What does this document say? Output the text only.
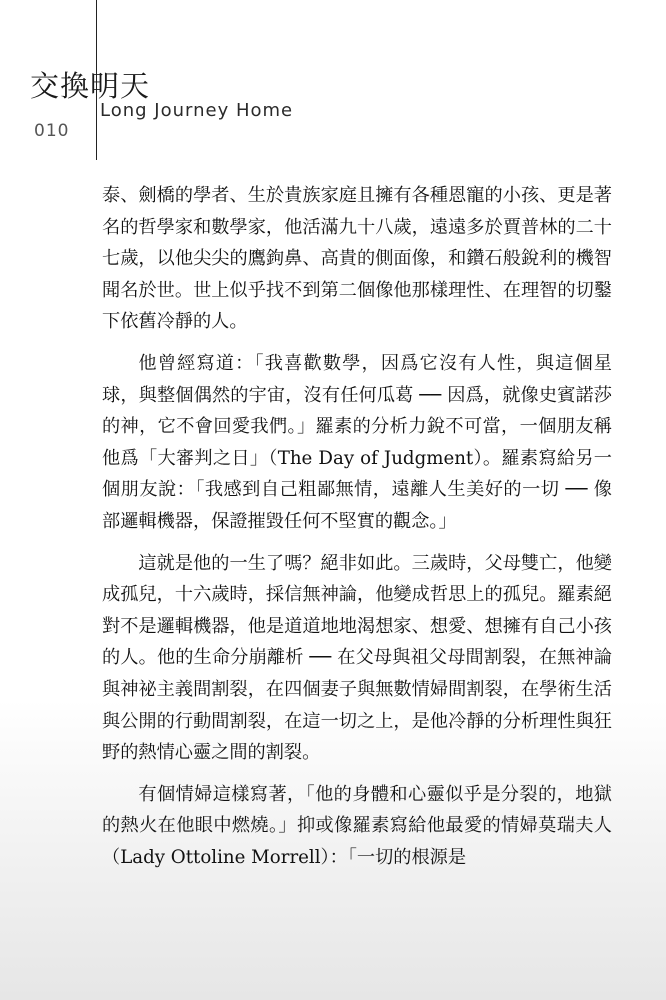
交換明天
Long Journey Home
010

泰、劍橋的學者、生於貴族家庭且擁有各種恩寵的小孩、更是著名的哲學家和數學家，他活滿九十八歲，遠遠多於賈普林的二十七歲，以他尖尖的鷹鉤鼻、高貴的側面像，和鑽石般銳利的機智聞名於世。世上似乎找不到第二個像他那樣理性、在理智的切鑿下依舊冷靜的人。

他曾經寫道：「我喜歡數學，因爲它沒有人性，與這個星球，與整個偶然的宇宙，沒有任何瓜葛 ── 因爲，就像史賓諾莎的神，它不會回愛我們。」羅素的分析力銳不可當，一個朋友稱他爲「大審判之日」（The Day of Judgment）。羅素寫給另一個朋友說：「我感到自己粗鄙無情，遠離人生美好的一切 ── 像部邏輯機器，保證摧毀任何不堅實的觀念。」

這就是他的一生了嗎？絕非如此。三歲時，父母雙亡，他變成孤兒，十六歲時，採信無神論，他變成哲思上的孤兒。羅素絕對不是邏輯機器，他是道道地地渴想家、想愛、想擁有自己小孩的人。他的生命分崩離析 ── 在父母與祖父母間割裂，在無神論與神祕主義間割裂，在四個妻子與無數情婦間割裂，在學術生活與公開的行動間割裂，在這一切之上，是他冷靜的分析理性與狂野的熱情心靈之間的割裂。

有個情婦這樣寫著，「他的身體和心靈似乎是分裂的，地獄的熱火在他眼中燃燒。」抑或像羅素寫給他最愛的情婦莫瑞夫人（Lady Ottoline Morrell）：「一切的根源是
